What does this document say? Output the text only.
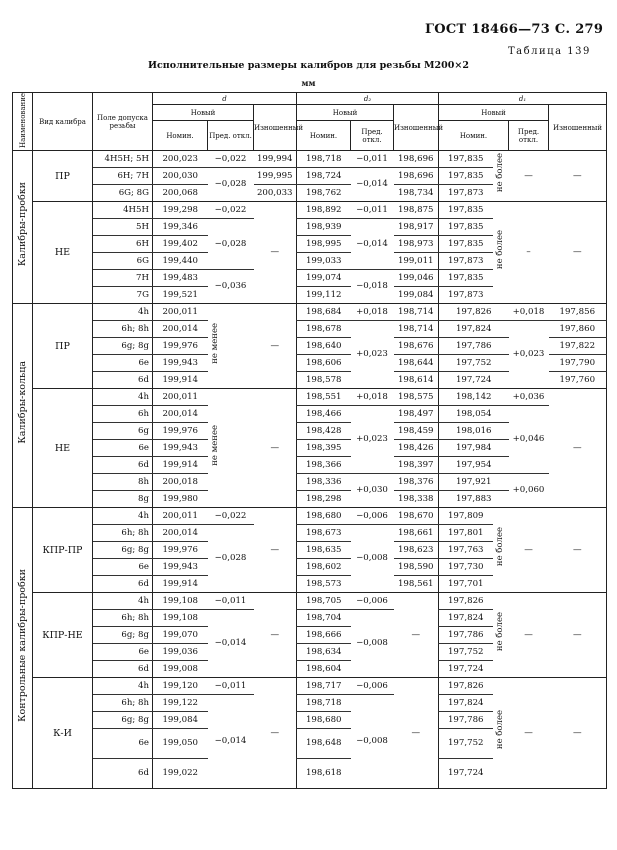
ГОСТ 18466—73 С. 279
Таблица 139
Исполнительные размеры калибров для резьбы М200×2
мм
Наименование	Вид калибра	Поле допуска резьбы	d			d₂			d₁			
			Новый		Изношенный	Новый		Изношенный	Новый			Изношенный
			Номин.	Пред. откл.		Номин.	Пред. откл.		Номин.		Пред. откл.	
Калибры-пробки	ПР	4H5H; 5H	200,023	−0,022	199,994	198,718	−0,011	198,696	197,835	не более	—	—
		6H; 7H	200,030	−0,028	199,995	198,724	−0,014	198,696	197,835			
		6G; 8G	200,068		200,033	198,762		198,734	197,873			
	НЕ	4H5H	199,298	−0,022	—	198,892	−0,011	198,875	197,835	не более	–	—
		5H	199,346	−0,028		198,939	−0,014	198,917	197,835			
		6H	199,402			198,995		198,973	197,835			
		6G	199,440			199,033		199,011	197,873			
		7H	199,483	−0,036		199,074	−0,018	199,046	197,835			
		7G	199,521			199,112		199,084	197,873			
Калибры-кольца	ПР	4h	200,011	не менее	—	198,684	+0,018	198,714	197,826		+0,018	197,856
		6h; 8h	200,014			198,678	+0,023	198,714	197,824		+0,023	197,860
		6g; 8g	199,976			198,640		198,676	197,786			197,822
		6e	199,943			198,606		198,644	197,752			197,790
		6d	199,914			198,578		198,614	197,724			197,760
	НЕ	4h	200,011	не менее	—	198,551	+0,018	198,575	198,142		+0,036	—
		6h	200,014			198,466	+0,023	198,497	198,054		+0,046	
		6g	199,976			198,428		198,459	198,016			
		6e	199,943			198,395		198,426	197,984			
		6d	199,914			198,366		198,397	197,954			
		8h	200,018			198,336	+0,030	198,376	197,921		+0,060	
		8g	199,980			198,298		198,338	197,883			
Контрольные калибры-пробки	КПР-ПР	4h	200,011	−0,022	—	198,680	−0,006	198,670	197,809	не более	—	—
		6h; 8h	200,014	−0,028		198,673	−0,008	198,661	197,801			
		6g; 8g	199,976			198,635		198,623	197,763			
		6e	199,943			198,602		198,590	197,730			
		6d	199,914			198,573		198,561	197,701			
	КПР-НЕ	4h	199,108	−0,011	—	198,705	−0,006	—	197,826	не более	—	—
		6h; 8h	199,108	−0,014		198,704	−0,008		197,824			
		6g; 8g	199,070			198,666			197,786			
		6e	199,036			198,634			197,752			
		6d	199,008			198,604			197,724			
	К-И	4h	199,120	−0,011	—	198,717	−0,006	—	197,826	не более	—	—
		6h; 8h	199,122	−0,014		198,718	−0,008		197,824			
		6g; 8g	199,084			198,680			197,786			
		6e	199,050			198,648			197,752			
		6d	199,022			198,618			197,724			
